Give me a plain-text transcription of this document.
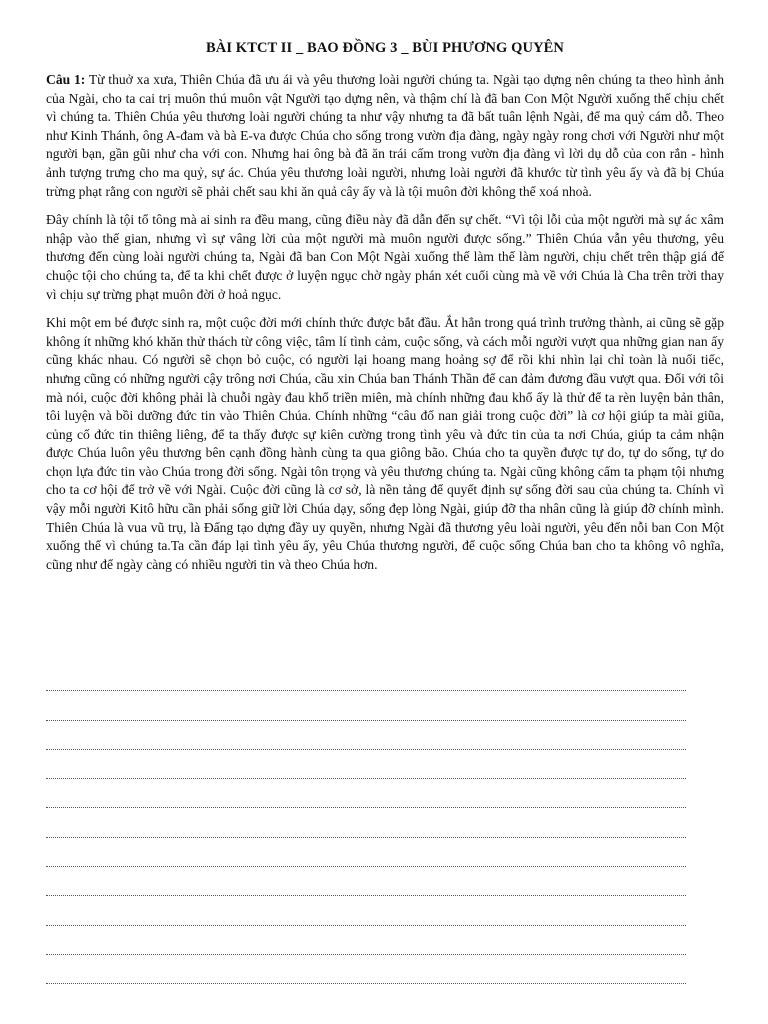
BÀI KTCT II _ BAO ĐỒNG 3 _ BÙI PHƯƠNG QUYÊN

Câu 1: Từ thuở xa xưa, Thiên Chúa đã ưu ái và yêu thương loài người chúng ta. Ngài tạo dựng nên chúng ta theo hình ảnh của Ngài, cho ta cai trị muôn thú muôn vật Người tạo dựng nên, và thậm chí là đã ban Con Một Người xuống thế chịu chết vì chúng ta. Thiên Chúa yêu thương loài người chúng ta như vậy nhưng ta đã bất tuân lệnh Ngài, để ma quỷ cám dỗ. Theo như Kinh Thánh, ông A-đam và bà E-va được Chúa cho sống trong vườn địa đàng, ngày ngày rong chơi với Người như một người bạn, gần gũi như cha với con. Nhưng hai ông bà đã ăn trái cấm trong vườn địa đàng vì lời dụ dỗ của con rắn - hình ảnh tượng trưng cho ma quỷ, sự ác. Chúa yêu thương loài người, nhưng loài người đã khước từ tình yêu ấy và đã bị Chúa trừng phạt rằng con người sẽ phải chết sau khi ăn quả cây ấy và là tội muôn đời không thể xoá nhoà.

Đây chính là tội tổ tông mà ai sinh ra đều mang, cũng điều này đã dẫn đến sự chết. “Vì tội lỗi của một người mà sự ác xâm nhập vào thế gian, nhưng vì sự vâng lời của một người mà muôn người được sống.” Thiên Chúa vẫn yêu thương, yêu thương đến cùng loài người chúng ta, Ngài đã ban Con Một Ngài xuống thế làm thế làm người, chịu chết trên thập giá để chuộc tội cho chúng ta, để ta khi chết được ở luyện ngục chờ ngày phán xét cuối cùng mà về với Chúa là Cha trên trời thay vì chịu sự trừng phạt muôn đời ở hoả ngục.

Khi một em bé được sinh ra, một cuộc đời mới chính thức được bắt đầu. Ắt hẳn trong quá trình trưởng thành, ai cũng sẽ gặp không ít những khó khăn thử thách từ công việc, tâm lí tình cảm, cuộc sống, và cách mỗi người vượt qua những gian nan ấy cũng khác nhau. Có người sẽ chọn bỏ cuộc, có người lại hoang mang hoảng sợ để rồi khi nhìn lại chỉ toàn là nuối tiếc, nhưng cũng có những người cậy trông nơi Chúa, cầu xin Chúa ban Thánh Thần để can đảm đương đầu vượt qua. Đối với tôi mà nói, cuộc đời không phải là chuỗi ngày đau khổ triền miên, mà chính những đau khổ ấy là thử để ta rèn luyện bản thân, tôi luyện và bồi dưỡng đức tin vào Thiên Chúa. Chính những “câu đố nan giải trong cuộc đời” là cơ hội giúp ta mài giũa, củng cố đức tin thiêng liêng, để ta thấy được sự kiên cường trong tình yêu và đức tin của ta nơi Chúa, giúp ta cảm nhận được Chúa luôn yêu thương bên cạnh đồng hành cùng ta qua giông bão. Chúa cho ta quyền được tự do, tự do sống, tự do chọn lựa đức tin vào Chúa trong đời sống. Ngài tôn trọng và yêu thương chúng ta. Ngài cũng không cấm ta phạm tội nhưng cho ta cơ hội để trở về với Ngài. Cuộc đời cũng là cơ sở, là nền tảng để quyết định sự sống đời sau của chúng ta. Chính vì vậy mỗi người Kitô hữu cần phải sống giữ lời Chúa dạy, sống đẹp lòng Ngài, giúp đỡ tha nhân cũng là giúp đỡ chính mình. Thiên Chúa là vua vũ trụ, là Đấng tạo dựng đầy uy quyền, nhưng Ngài đã thương yêu loài người, yêu đến nỗi ban Con Một xuống thế vì chúng ta.Ta cần đáp lại tình yêu ấy, yêu Chúa thương người, để cuộc sống Chúa ban cho ta không vô nghĩa, cũng như để ngày càng có nhiều người tin và theo Chúa hơn.
